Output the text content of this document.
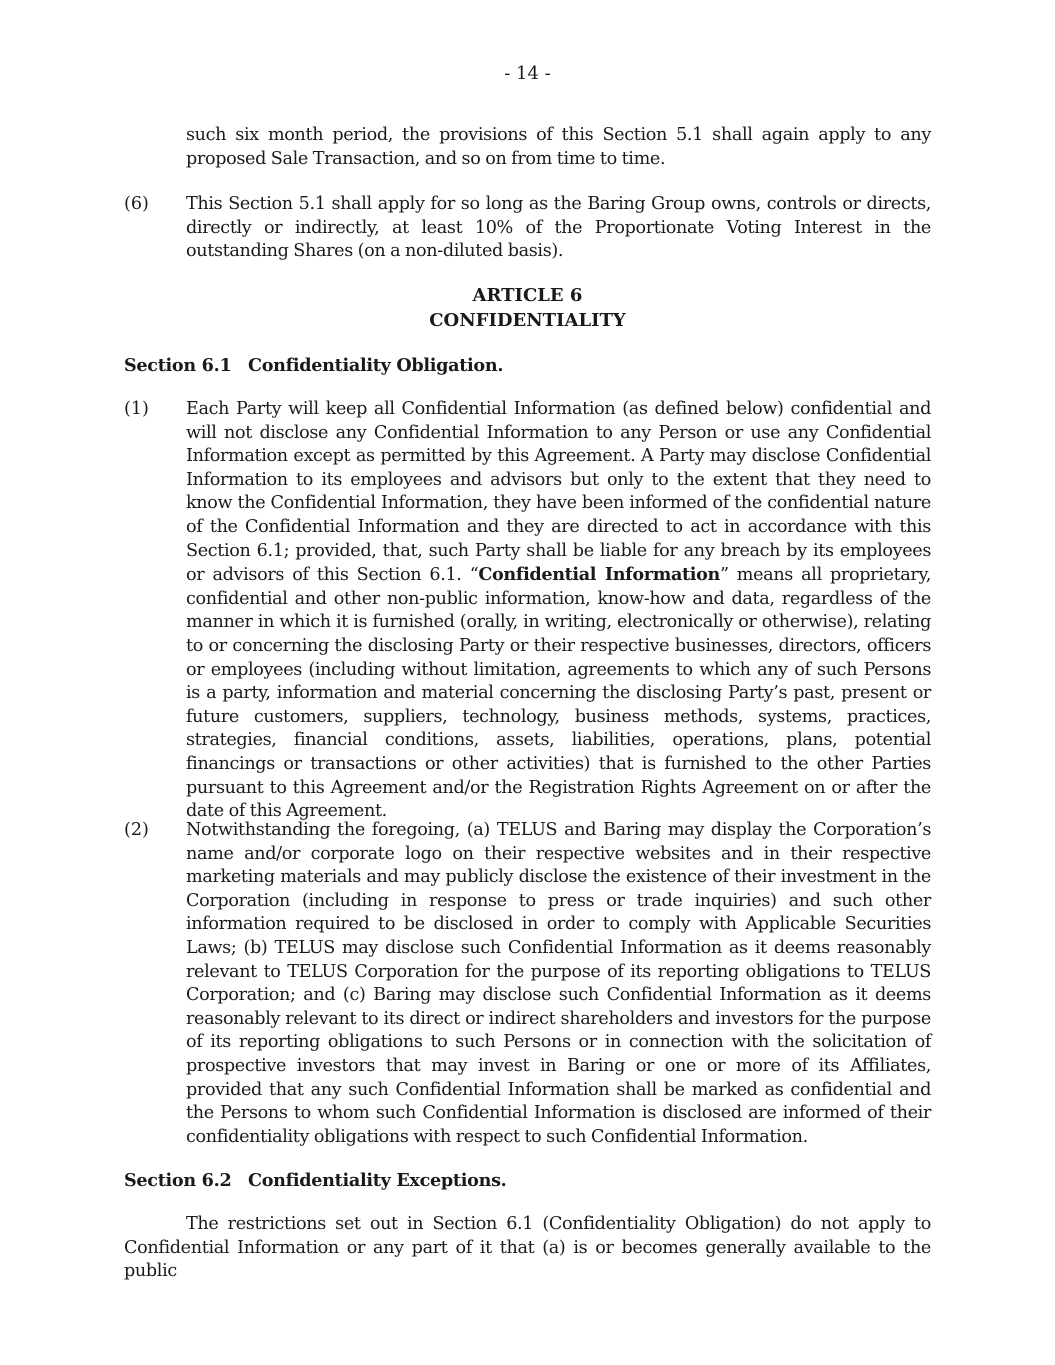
- 14 -
such six month period, the provisions of this Section 5.1 shall again apply to any proposed Sale Transaction, and so on from time to time.
(6) This Section 5.1 shall apply for so long as the Baring Group owns, controls or directs, directly or indirectly, at least 10% of the Proportionate Voting Interest in the outstanding Shares (on a non-diluted basis).
ARTICLE 6
CONFIDENTIALITY
Section 6.1 Confidentiality Obligation.
(1) Each Party will keep all Confidential Information (as defined below) confidential and will not disclose any Confidential Information to any Person or use any Confidential Information except as permitted by this Agreement. A Party may disclose Confidential Information to its employees and advisors but only to the extent that they need to know the Confidential Information, they have been informed of the confidential nature of the Confidential Information and they are directed to act in accordance with this Section 6.1; provided, that, such Party shall be liable for any breach by its employees or advisors of this Section 6.1. “Confidential Information” means all proprietary, confidential and other non-public information, know-how and data, regardless of the manner in which it is furnished (orally, in writing, electronically or otherwise), relating to or concerning the disclosing Party or their respective businesses, directors, officers or employees (including without limitation, agreements to which any of such Persons is a party, information and material concerning the disclosing Party’s past, present or future customers, suppliers, technology, business methods, systems, practices, strategies, financial conditions, assets, liabilities, operations, plans, potential financings or transactions or other activities) that is furnished to the other Parties pursuant to this Agreement and/or the Registration Rights Agreement on or after the date of this Agreement.
(2) Notwithstanding the foregoing, (a) TELUS and Baring may display the Corporation’s name and/or corporate logo on their respective websites and in their respective marketing materials and may publicly disclose the existence of their investment in the Corporation (including in response to press or trade inquiries) and such other information required to be disclosed in order to comply with Applicable Securities Laws; (b) TELUS may disclose such Confidential Information as it deems reasonably relevant to TELUS Corporation for the purpose of its reporting obligations to TELUS Corporation; and (c) Baring may disclose such Confidential Information as it deems reasonably relevant to its direct or indirect shareholders and investors for the purpose of its reporting obligations to such Persons or in connection with the solicitation of prospective investors that may invest in Baring or one or more of its Affiliates, provided that any such Confidential Information shall be marked as confidential and the Persons to whom such Confidential Information is disclosed are informed of their confidentiality obligations with respect to such Confidential Information.
Section 6.2 Confidentiality Exceptions.
The restrictions set out in Section 6.1 (Confidentiality Obligation) do not apply to Confidential Information or any part of it that (a) is or becomes generally available to the public
